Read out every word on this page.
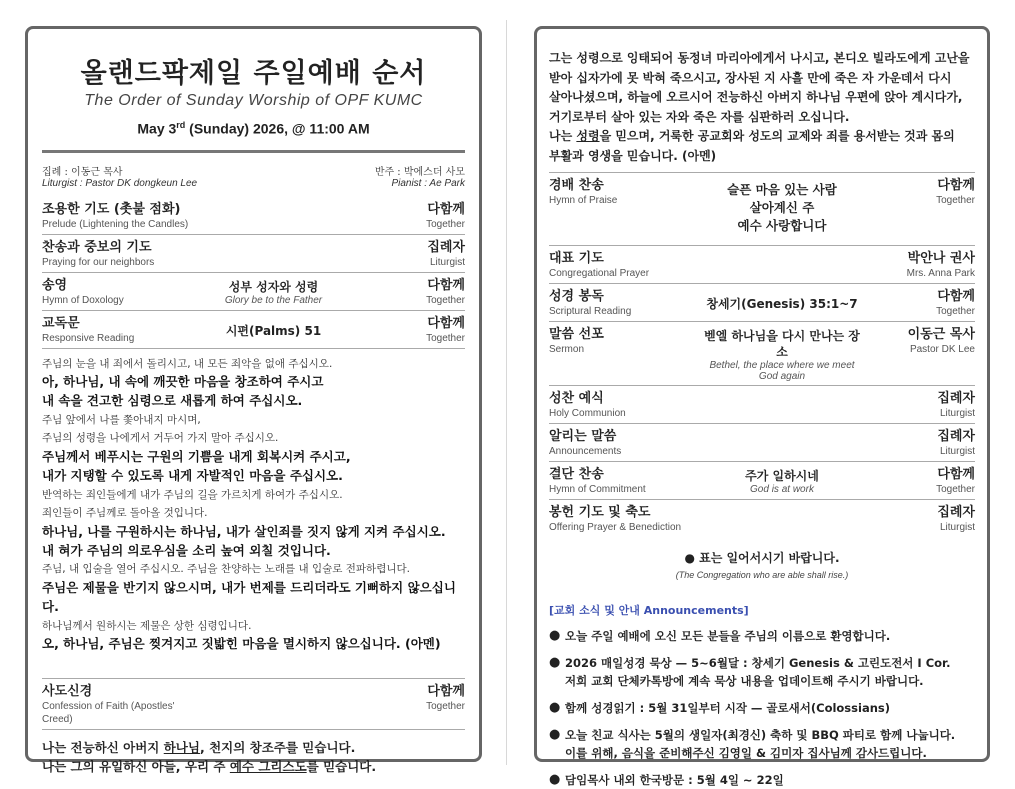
올랜드팍제일 주일예배 순서
The Order of Sunday Worship of OPF KUMC
May 3rd (Sunday) 2026, @ 11:00 AM
집례 : 이동근 목사
Liturgist : Pastor DK dongkeun Lee
반주 : 박에스더 사모
Pianist : Ae Park
조용한 기도 (촛불 점화)
Prelude (Lightening the Candles)
다함께
Together
찬송과 중보의 기도
Praying for our neighbors
집례자
Liturgist
송영
Hymn of Doxology
성부 성자와 성령
Glory be to the Father
다함께
Together
교독문
Responsive Reading
시편(Palms) 51	다함께
Together
주님의 눈을 내 죄에서 돌리시고, 내 모든 죄악을 없애 주십시오.
아, 하나님, 내 속에 깨끗한 마음을 창조하여 주시고
내 속을 견고한 심령으로 새롭게 하여 주십시오.
주님 앞에서 나를 쫓아내지 마시며,
주님의 성령을 나에게서 거두어 가지 말아 주십시오.
주님께서 베푸시는 구원의 기쁨을 내게 회복시켜 주시고,
내가 지탱할 수 있도록 내게 자발적인 마음을 주십시오.
반역하는 죄인들에게 내가 주님의 길을 가르치게 하여가 주십시오.
죄인들이 주님께로 돌아올 것입니다.
하나님, 나를 구원하시는 하나님, 내가 살인죄를 짓지 않게 지켜 주십시오.
내 혀가 주님의 의로우심을 소리 높여 외칠 것입니다.
주님, 내 입술을 열어 주십시오. 주님을 찬양하는 노래를 내 입술로 전파하렵니다.
주님은 제물을 반기지 않으시며, 내가 번제를 드리더라도 기뻐하지 않으십니다.
하나님께서 원하시는 제물은 상한 심령입니다.
오, 하나님, 주님은 찢겨지고 짓밟힌 마음을 멸시하지 않으십니다. (아멘)
사도신경
Confession of Faith (Apostles' Creed)
다함께
Together
나는 전능하신 아버지 하나님, 천지의 창조주를 믿습니다.
나는 그의 유일하신 아들, 우리 주 예수 그리스도를 믿습니다.
그는 성령으로 잉태되어 동정녀 마리아에게서 나시고, 본디오 빌라도에게 고난을
받아 십자가에 못 박혀 죽으시고, 장사된 지 사흘 만에 죽은 자 가운데서 다시
살아나셨으며, 하늘에 오르시어 전능하신 아버지 하나님 우편에 앉아 계시다가,
거기로부터 살아 있는 자와 죽은 자를 심판하러 오십니다.
나는 성령을 믿으며, 거룩한 공교회와 성도의 교제와 죄를 용서받는 것과 몸의
부활과 영생을 믿습니다. (아멘)
경배 찬송
Hymn of Praise
슬픈 마음 있는 사람
살아계신 주
예수 사랑합니다
다함께
Together
대표 기도
Congregational Prayer
박안나 권사
Mrs. Anna Park
성경 봉독
Scriptural Reading
창세기(Genesis) 35:1~7	다함께
Together
말씀 선포
Sermon
벧엘 하나님을 다시 만나는 장소
Bethel, the place where we meet God again
이동근 목사
Pastor DK Lee
성찬 예식
Holy Communion
집례자
Liturgist
알리는 말씀
Announcements
집례자
Liturgist
결단 찬송
Hymn of Commitment
주가 일하시네
God is at work
다함께
Together
봉헌 기도 및 축도
Offering Prayer & Benediction
집례자
Liturgist
● 표는 일어서시기 바랍니다.
(The Congregation who are able shall rise.)
[교회 소식 및 안내 Announcements]
● 오늘 주일 예배에 오신 모든 분들을 주님의 이름으로 환영합니다.
● 2026 매일성경 묵상 — 5~6월달 : 창세기 Genesis & 고린도전서 I Cor.
저희 교회 단체카톡방에 계속 묵상 내용을 업데이트해 주시기 바랍니다.
● 함께 성경읽기 : 5월 31일부터 시작 — 골로새서(Colossians)
● 오늘 친교 식사는 5월의 생일자(최경신) 축하 및 BBQ 파티로 함께 나눕니다.
이를 위해, 음식을 준비해주신 김영일 & 김미자 집사님께 감사드립니다.
● 담임목사 내외 한국방문 : 5월 4일 ~ 22일
